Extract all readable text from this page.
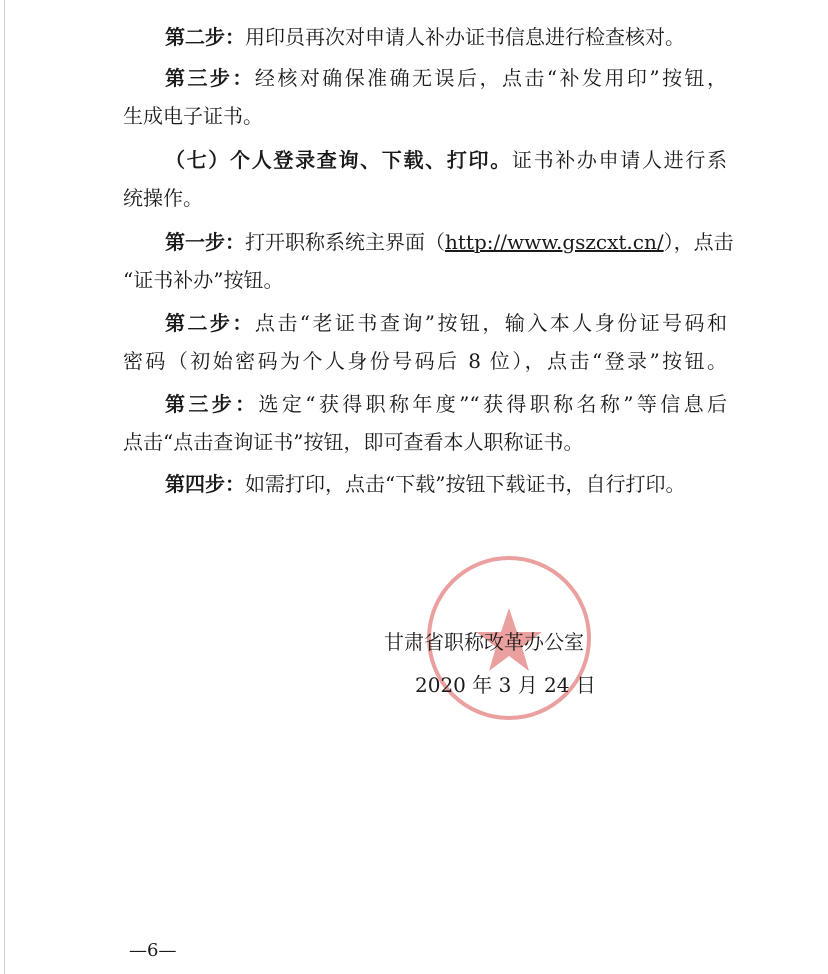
第二步：用印员再次对申请人补办证书信息进行检查核对。
第三步：经核对确保准确无误后，点击“补发用印”按钮，
生成电子证书。
（七）个人登录查询、下载、打印。证书补办申请人进行系
统操作。
第一步：打开职称系统主界面（http://www.gszcxt.cn/），点击
“证书补办”按钮。
第二步：点击“老证书查询”按钮，输入本人身份证号码和
密码（初始密码为个人身份号码后 8 位），点击“登录”按钮。
第三步：选定“获得职称年度”“获得职称名称”等信息后
点击“点击查询证书”按钮，即可查看本人职称证书。
第四步：如需打印，点击“下载”按钮下载证书，自行打印。
甘肃省职称改革办公室
2020 年 3 月 24 日
—6—
